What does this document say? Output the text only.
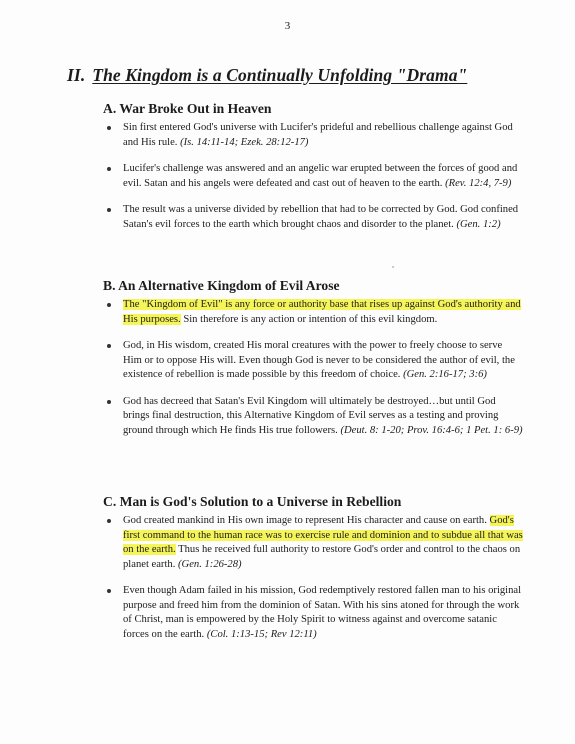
3
II. The Kingdom is a Continually Unfolding "Drama"
A. War Broke Out in Heaven

Sin first entered God's universe with Lucifer's prideful and rebellious challenge against God and His rule. (Is. 14:11-14; Ezek. 28:12-17)

Lucifer's challenge was answered and an angelic war erupted between the forces of good and evil. Satan and his angels were defeated and cast out of heaven to the earth. (Rev. 12:4, 7-9)

The result was a universe divided by rebellion that had to be corrected by God. God confined Satan's evil forces to the earth which brought chaos and disorder to the planet. (Gen. 1:2)

B. An Alternative Kingdom of Evil Arose

The "Kingdom of Evil" is any force or authority base that rises up against God's authority and His purposes. Sin therefore is any action or intention of this evil kingdom.

God, in His wisdom, created His moral creatures with the power to freely choose to serve Him or to oppose His will. Even though God is never to be considered the author of evil, the existence of rebellion is made possible by this freedom of choice. (Gen. 2:16-17; 3:6)

God has decreed that Satan's Evil Kingdom will ultimately be destroyed…but until God brings final destruction, this Alternative Kingdom of Evil serves as a testing and proving ground through which He finds His true followers. (Deut. 8: 1-20; Prov. 16:4-6; 1 Pet. 1: 6-9)

C. Man is God's Solution to a Universe in Rebellion

God created mankind in His own image to represent His character and cause on earth. God's first command to the human race was to exercise rule and dominion and to subdue all that was on the earth. Thus he received full authority to restore God's order and control to the chaos on planet earth. (Gen. 1:26-28)

Even though Adam failed in his mission, God redemptively restored fallen man to his original purpose and freed him from the dominion of Satan. With his sins atoned for through the work of Christ, man is empowered by the Holy Spirit to witness against and overcome satanic forces on the earth. (Col. 1:13-15; Rev 12:11)
